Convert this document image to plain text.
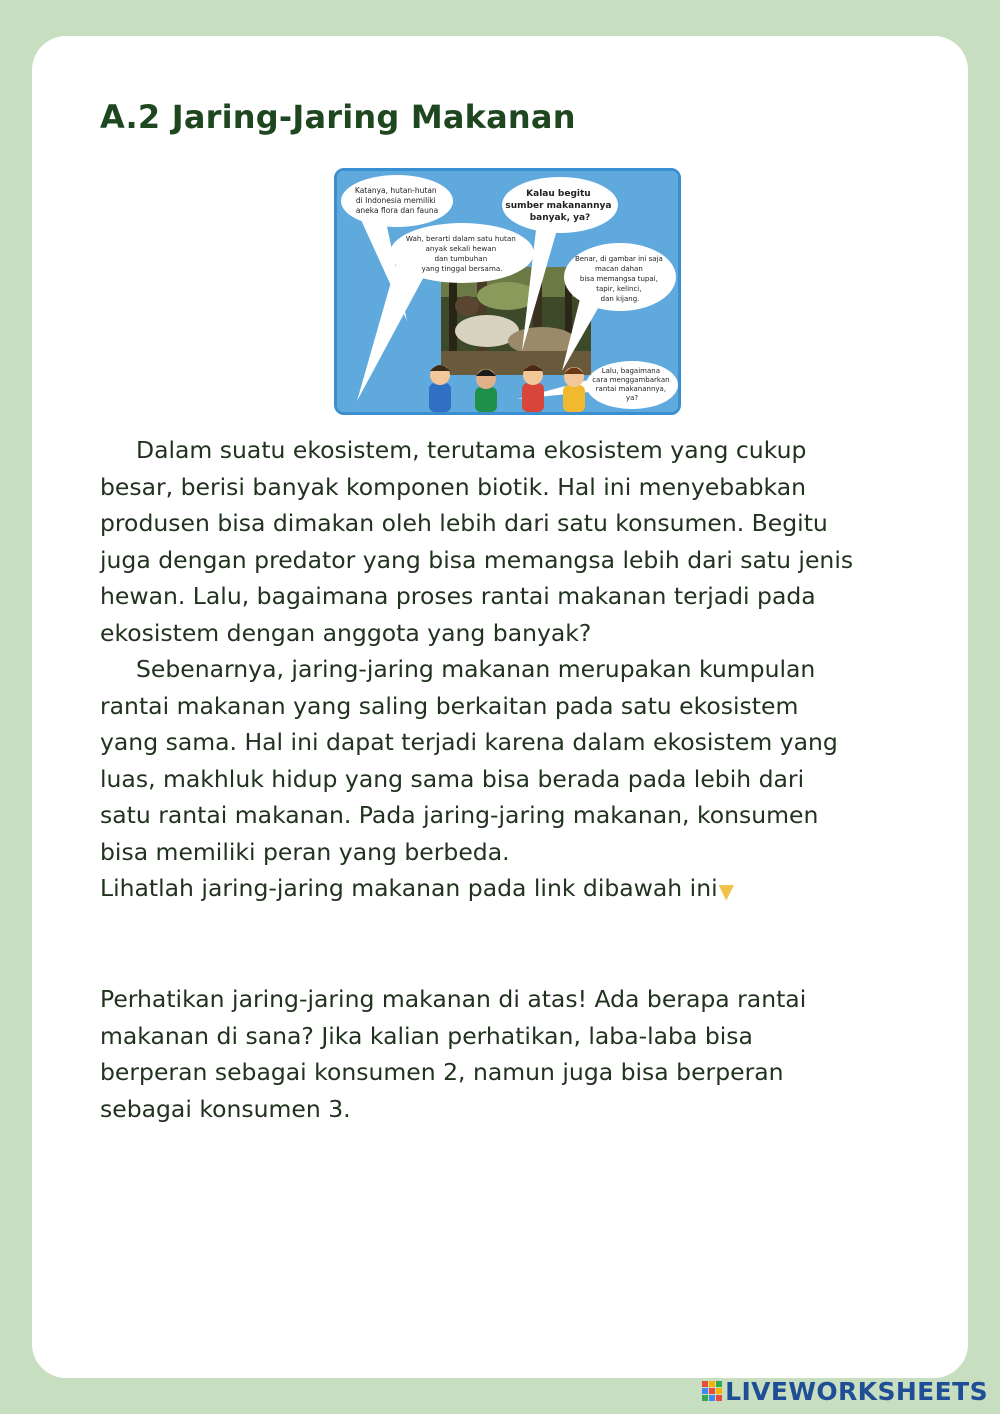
A.2 Jaring-Jaring Makanan
Katanya, hutan-hutan di Indonesia memiliki aneka flora dan fauna
Kalau begitu sumber makanannya banyak, ya?
Wah, berarti dalam satu hutan anyak sekali hewan dan tumbuhan yang tinggal bersama.
Benar, di gambar ini saja macan dahan bisa memangsa tupai, tapir, kelinci, dan kijang.
Lalu, bagaimana cara menggambarkan rantai makanannya, ya?
Dalam suatu ekosistem, terutama ekosistem yang cukup
besar, berisi banyak komponen biotik. Hal ini menyebabkan
produsen bisa dimakan oleh lebih dari satu konsumen. Begitu
juga dengan predator yang bisa memangsa lebih dari satu jenis
hewan. Lalu, bagaimana proses rantai makanan terjadi pada
ekosistem dengan anggota yang banyak?
Sebenarnya, jaring-jaring makanan merupakan kumpulan
rantai makanan yang saling berkaitan pada satu ekosistem
yang sama. Hal ini dapat terjadi karena dalam ekosistem yang
luas, makhluk hidup yang sama bisa berada pada lebih dari
satu rantai makanan. Pada jaring-jaring makanan, konsumen
bisa memiliki peran yang berbeda.
Lihatlah jaring-jaring makanan pada link dibawah ini▼
Perhatikan jaring-jaring makanan di atas! Ada berapa rantai
makanan di sana? Jika kalian perhatikan, laba-laba bisa
berperan sebagai konsumen 2, namun juga bisa berperan
sebagai konsumen 3.
LIVEWORKSHEETS
